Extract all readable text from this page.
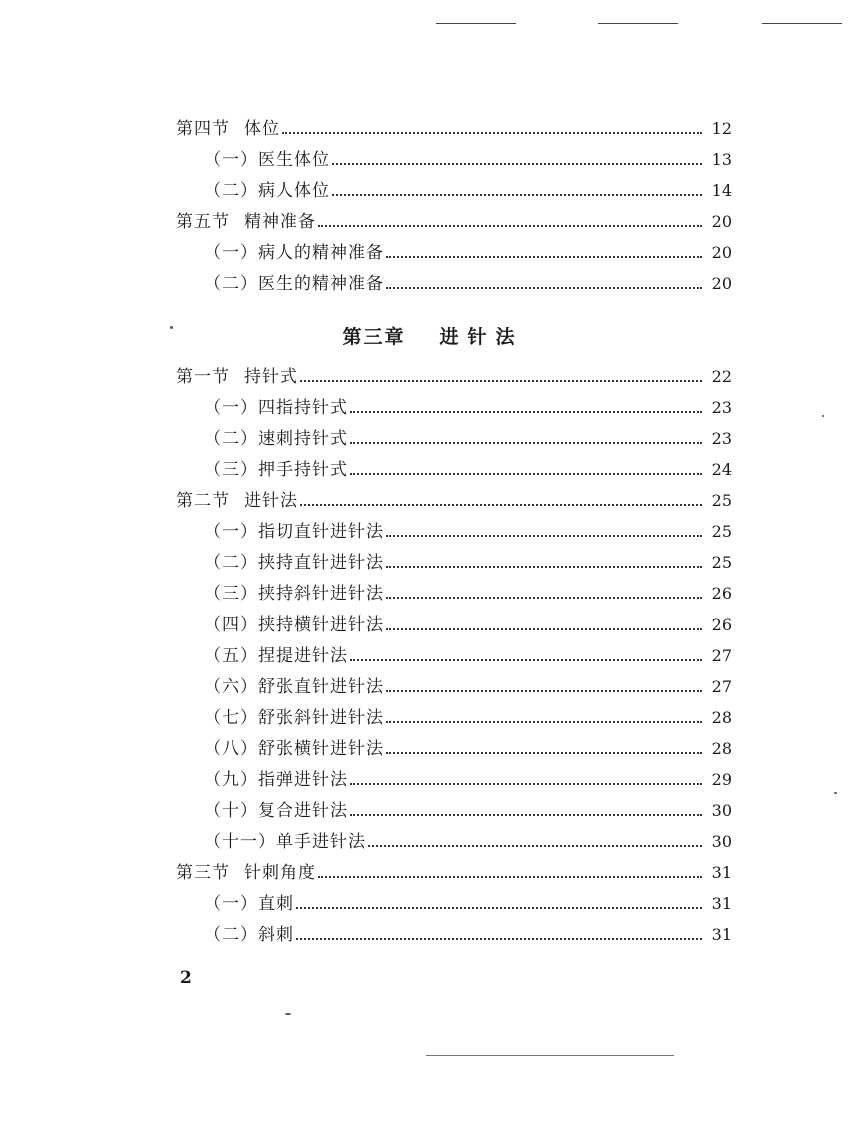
第四节 体位	12
（一）医生体位	13
（二）病人体位	14
第五节 精神准备	20
（一）病人的精神准备	20
（二）医生的精神准备	20
第三章 进针法
第一节 持针式	22
（一）四指持针式	23
（二）速刺持针式	23
（三）押手持针式	24
第二节 进针法	25
（一）指切直针进针法	25
（二）挟持直针进针法	25
（三）挟持斜针进针法	26
（四）挟持横针进针法	26
（五）捏提进针法	27
（六）舒张直针进针法	27
（七）舒张斜针进针法	28
（八）舒张横针进针法	28
（九）指弹进针法	29
（十）复合进针法	30
（十一）单手进针法	30
第三节 针刺角度	31
（一）直刺	31
（二）斜刺	31
2
